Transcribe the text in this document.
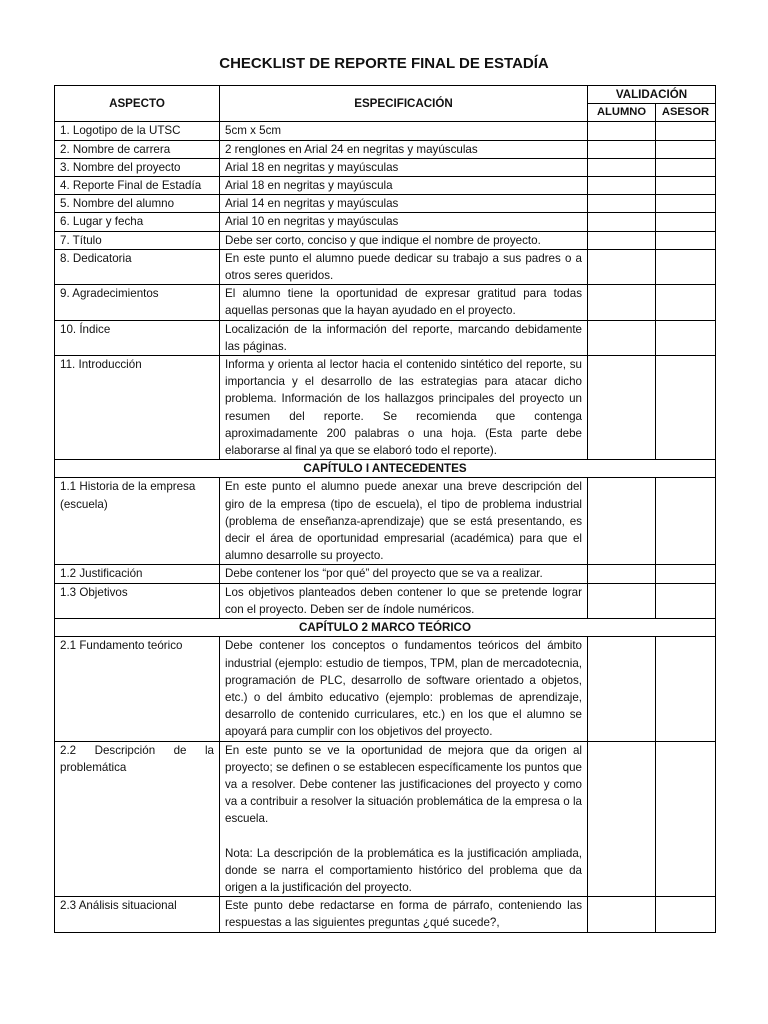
CHECKLIST DE REPORTE FINAL DE ESTADÍA
ASPECTO	ESPECIFICACIÓN	VALIDACIÓN	
		ALUMNO	ASESOR
1. Logotipo de la UTSC	5cm x 5cm		
2. Nombre de carrera	2 renglones en Arial 24 en negritas y mayúsculas		
3. Nombre del proyecto	Arial 18 en negritas y mayúsculas		
4. Reporte Final de Estadía	Arial 18 en negritas y mayúscula		
5. Nombre del alumno	Arial 14 en negritas y mayúsculas		
6. Lugar y fecha	Arial 10 en negritas y mayúsculas		
7. Título	Debe ser corto, conciso y que indique el nombre de proyecto.		
8. Dedicatoria	En este punto el alumno puede dedicar su trabajo a sus padres o a otros seres queridos.		
9. Agradecimientos	El alumno tiene la oportunidad de expresar gratitud para todas aquellas personas que la hayan ayudado en el proyecto.		
10. Índice	Localización de la información del reporte, marcando debidamente las páginas.		
11. Introducción	Informa y orienta al lector hacia el contenido sintético del reporte, su importancia y el desarrollo de las estrategias para atacar dicho problema. Información de los hallazgos principales del proyecto un resumen del reporte. Se recomienda que contenga aproximadamente 200 palabras o una hoja. (Esta parte debe elaborarse al final ya que se elaboró todo el reporte).		
CAPÍTULO I ANTECEDENTES			
1.1 Historia de la empresa (escuela)	En este punto el alumno puede anexar una breve descripción del giro de la empresa (tipo de escuela), el tipo de problema industrial (problema de enseñanza-aprendizaje) que se está presentando, es decir el área de oportunidad empresarial (académica) para que el alumno desarrolle su proyecto.		
1.2 Justificación	Debe contener los “por qué” del proyecto que se va a realizar.		
1.3 Objetivos	Los objetivos planteados deben contener lo que se pretende lograr con el proyecto. Deben ser de índole numéricos.		
CAPÍTULO 2 MARCO TEÓRICO			
2.1 Fundamento teórico	Debe contener los conceptos o fundamentos teóricos del ámbito industrial (ejemplo: estudio de tiempos, TPM, plan de mercadotecnia, programación de PLC, desarrollo de software orientado a objetos, etc.) o del ámbito educativo (ejemplo: problemas de aprendizaje, desarrollo de contenido curriculares, etc.) en los que el alumno se apoyará para cumplir con los objetivos del proyecto.		
2.2 Descripción de la problemática	En este punto se ve la oportunidad de mejora que da origen al proyecto; se definen o se establecen específicamente los puntos que va a resolver. Debe contener las justificaciones del proyecto y como va a contribuir a resolver la situación problemática de la empresa o la escuela.
Nota: La descripción de la problemática es la justificación ampliada, donde se narra el comportamiento histórico del problema que da origen a la justificación del proyecto.		
2.3 Análisis situacional	Este punto debe redactarse en forma de párrafo, conteniendo las respuestas a las siguientes preguntas ¿qué sucede?,		
